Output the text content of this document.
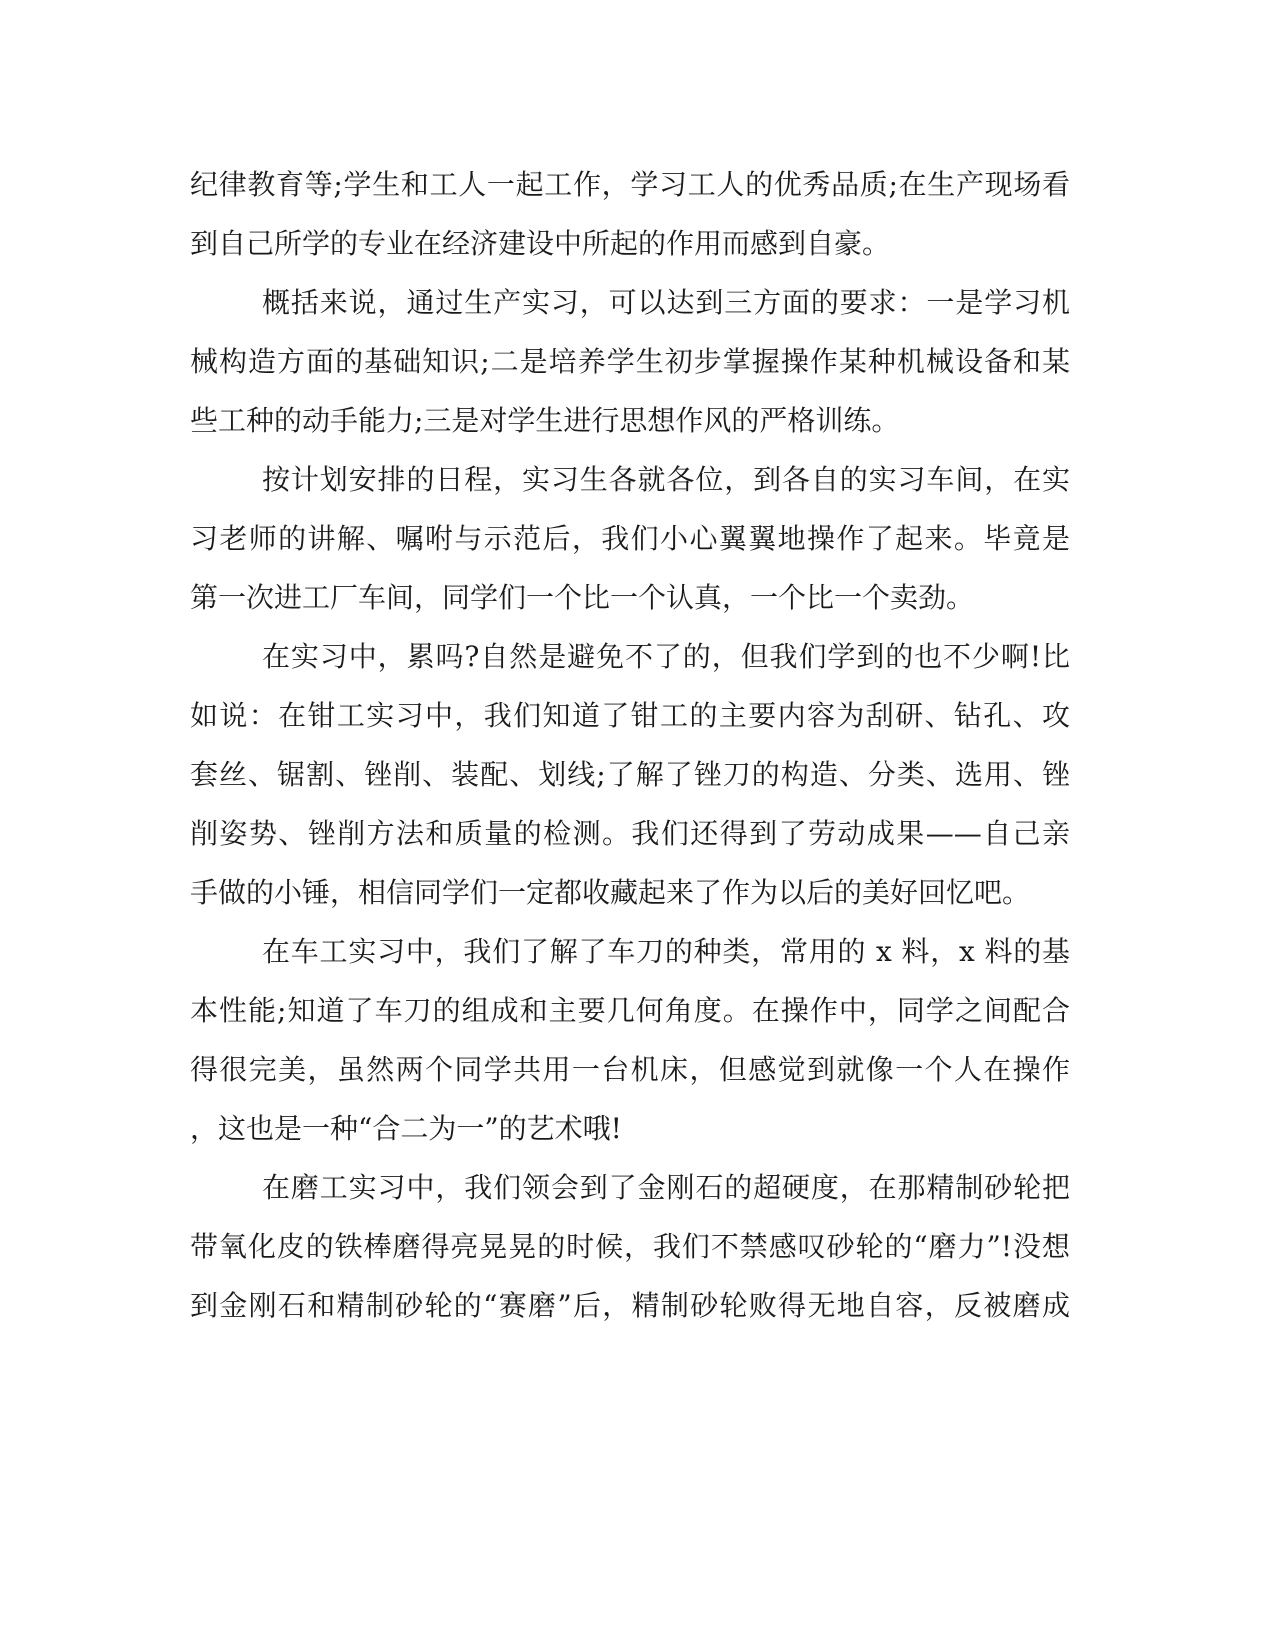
纪律教育等;学生和工人一起工作，学习工人的优秀品质;在生产现场看

到自己所学的专业在经济建设中所起的作用而感到自豪。

概括来说，通过生产实习，可以达到三方面的要求：一是学习机

械构造方面的基础知识;二是培养学生初步掌握操作某种机械设备和某

些工种的动手能力;三是对学生进行思想作风的严格训练。

按计划安排的日程，实习生各就各位，到各自的实习车间，在实

习老师的讲解、嘱咐与示范后，我们小心翼翼地操作了起来。毕竟是

第一次进工厂车间，同学们一个比一个认真，一个比一个卖劲。

在实习中，累吗?自然是避免不了的，但我们学到的也不少啊!比

如说：在钳工实习中，我们知道了钳工的主要内容为刮研、钻孔、攻

套丝、锯割、锉削、装配、划线;了解了锉刀的构造、分类、选用、锉

削姿势、锉削方法和质量的检测。我们还得到了劳动成果——自己亲

手做的小锤，相信同学们一定都收藏起来了作为以后的美好回忆吧。

在车工实习中，我们了解了车刀的种类，常用的 x 料，x 料的基

本性能;知道了车刀的组成和主要几何角度。在操作中，同学之间配合

得很完美，虽然两个同学共用一台机床，但感觉到就像一个人在操作

，这也是一种“合二为一”的艺术哦!

在磨工实习中，我们领会到了金刚石的超硬度，在那精制砂轮把

带氧化皮的铁棒磨得亮晃晃的时候，我们不禁感叹砂轮的“磨力”!没想

到金刚石和精制砂轮的“赛磨”后，精制砂轮败得无地自容，反被磨成
